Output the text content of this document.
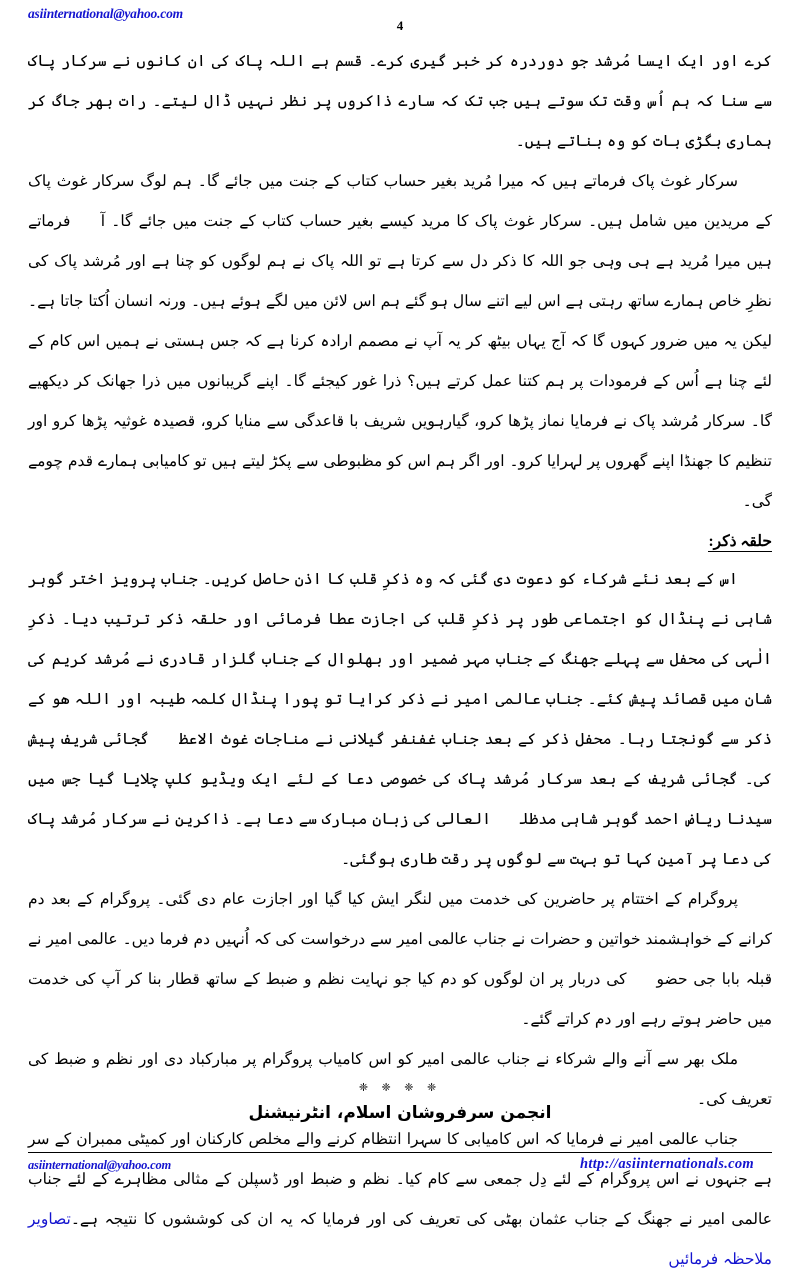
asiinternational@yahoo.com
4

کرے اور ایک ایسا مُرشد جو دوردرہ کر خبر گیری کرے۔ قسم ہے اللہ پاک کی ان کانوں نے سرکار پاک سے سنا کہ ہم اُس وقت تک سوتے ہیں جب تک کہ سارے ذاکروں پر نظر نہیں ڈال لیتے۔ رات بھر جاگ کر ہماری بگڑی بات کو وہ بناتے ہیں۔

سرکار غوث پاک فرماتے ہیں کہ میرا مُرید بغیر حساب کتاب کے جنت میں جائے گا۔ ہم لوگ سرکار غوث پاک کے مریدین میں شامل ہیں۔ سرکار غوث پاک کا مرید کیسے بغیر حساب کتاب کے جنت میں جائے گا۔ آپؐ فرماتے ہیں میرا مُرید ہے ہی وہی جو اللہ کا ذکر دل سے کرتا ہے تو اللہ پاک نے ہم لوگوں کو چنا ہے اور مُرشد پاک کی نظرِ خاص ہمارے ساتھ رہتی ہے اس لیے اتنے سال ہو گئے ہم اس لائن میں لگے ہوئے ہیں۔ ورنہ انسان اُکتا جاتا ہے۔ لیکن یہ میں ضرور کہوں گا کہ آج یہاں بیٹھ کر یہ آپ نے مصمم ارادہ کرنا ہے کہ جس ہستی نے ہمیں اس کام کے لئے چنا ہے اُس کے فرمودات پر ہم کتنا عمل کرتے ہیں؟ ذرا غور کیجئے گا۔ اپنے گریبانوں میں ذرا جھانک کر دیکھیے گا۔ سرکار مُرشد پاک نے فرمایا نماز پڑھا کرو، گیارہویں شریف با قاعدگی سے منایا کرو، قصیدہ غوثیہ پڑھا کرو اور تنظیم کا جھنڈا اپنے گھروں پر لہرایا کرو۔ اور اگر ہم اس کو مظبوطی سے پکڑ لیتے ہیں تو کامیابی ہمارے قدم چومے گی۔

حلقہ ذکر:

اس کے بعد نئے شرکاء کو دعوت دی گئی کہ وہ ذکرِ قلب کا اذن حاصل کریں۔ جناب پرویز اختر گوہر شاہی نے پنڈال کو اجتماعی طور پر ذکرِ قلب کی اجازت عطا فرمائی اور حلقہ ذکر ترتیب دیا۔ ذکرِ الٰہی کی محفل سے پہلے جھنگ کے جناب مہر ضمیر اور بھلوال کے جناب گلزار قادری نے مُرشد کریم کی شان میں قصائد پیش کئے۔ جناب عالمی امیر نے ذکر کرایا تو پورا پنڈال کلمہ طیبہ اور اللہ ھو کے ذکر سے گونجتا رہا۔ محفل ذکر کے بعد جناب غفنفر گیلانی نے مناجات غوث الاعظمؓ گجائی شریف پیش کی۔ گجائی شریف کے بعد سرکار مُرشد پاک کی خصوصی دعا کے لئے ایک ویڈیو کلپ چلایا گیا جس میں سیدنا ریاض احمد گوہر شاہی مدظلہٗ العالی کی زبان مبارک سے دعا ہے۔ ذاکرین نے سرکار مُرشد پاک کی دعا پر آمین کہا تو بہت سے لوگوں پر رقت طاری ہوگئی۔

پروگرام کے اختتام پر حاضرین کی خدمت میں لنگر ایش کیا گیا اور اجازت عام دی گئی۔ پروگرام کے بعد دم کرانے کے خواہشمند خواتین و حضرات نے جناب عالمی امیر سے درخواست کی کہ اُنہیں دم فرما دیں۔ عالمی امیر نے قبلہ بابا جی حضورؒ کی دربار پر ان لوگوں کو دم کیا جو نہایت نظم و ضبط کے ساتھ قطار بنا کر آپ کی خدمت میں حاضر ہوتے رہے اور دم کراتے گئے۔

ملک بھر سے آنے والے شرکاء نے جناب عالمی امیر کو اس کامیاب پروگرام پر مبارکباد دی اور نظم و ضبط کی تعریف کی۔

جناب عالمی امیر نے فرمایا کہ اس کامیابی کا سہرا انتظام کرنے والے مخلص کارکنان اور کمیٹی ممبران کے سر ہے جنہوں نے اس پروگرام کے لئے دِل جمعی سے کام کیا۔ نظم و ضبط اور ڈسپلن کے مثالی مظاہرے کے لئے جناب عالمی امیر نے جھنگ کے جناب عثمان بھٹی کی تعریف کی اور فرمایا کہ یہ ان کی کوششوں کا نتیجہ ہے۔تصاویر ملاحظہ فرمائیں

❈ ❈ ❈ ❈
انجمن سرفروشان اسلام، انٹرنیشنل
asiinternational@yahoo.com	http://asiinternationals.com
